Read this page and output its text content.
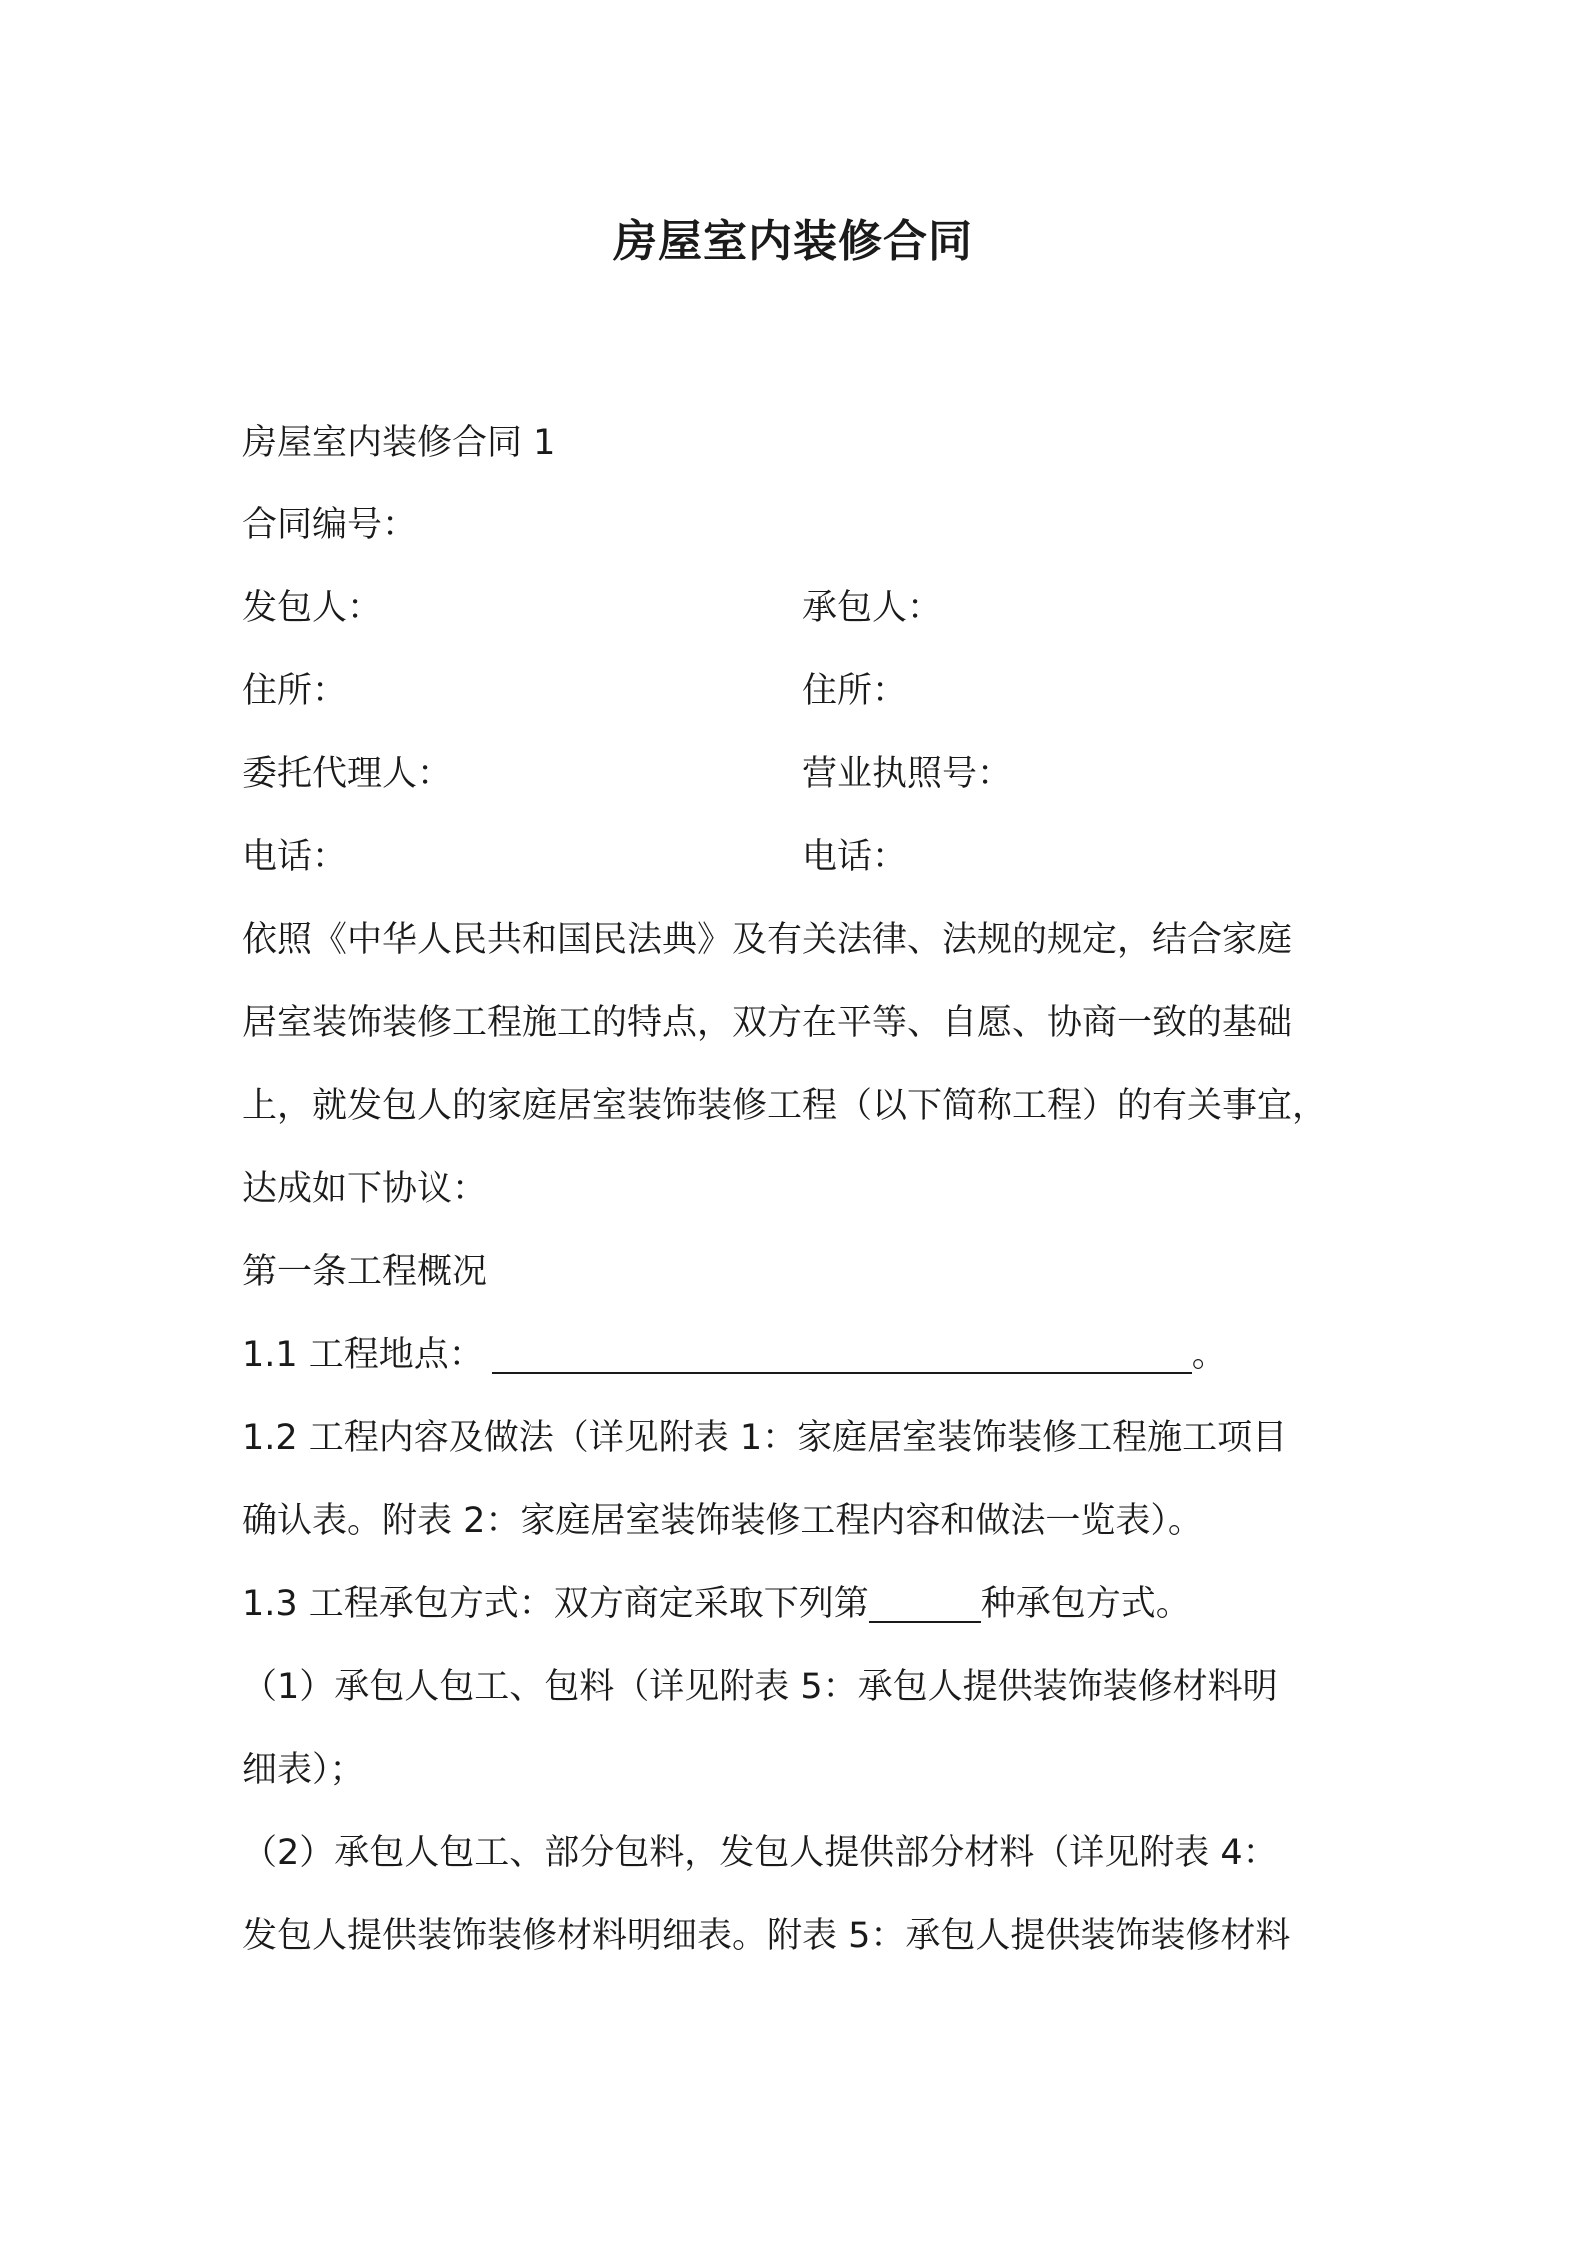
房屋室内装修合同
房屋室内装修合同 1
合同编号：
发包人：	承包人：
住所：	住所：
委托代理人：	营业执照号：
电话：	电话：
依照《中华人民共和国民法典》及有关法律、法规的规定，结合家庭
居室装饰装修工程施工的特点，双方在平等、自愿、协商一致的基础
上，就发包人的家庭居室装饰装修工程（以下简称工程）的有关事宜，
达成如下协议：
第一条工程概况
1.1 工程地点：	。
1.2 工程内容及做法（详见附表 1：家庭居室装饰装修工程施工项目
确认表。附表 2：家庭居室装饰装修工程内容和做法一览表）。
1.3 工程承包方式：双方商定采取下列第	种承包方式。
（1）承包人包工、包料（详见附表 5：承包人提供装饰装修材料明
细表）；
（2）承包人包工、部分包料，发包人提供部分材料（详见附表 4：
发包人提供装饰装修材料明细表。附表 5：承包人提供装饰装修材料
